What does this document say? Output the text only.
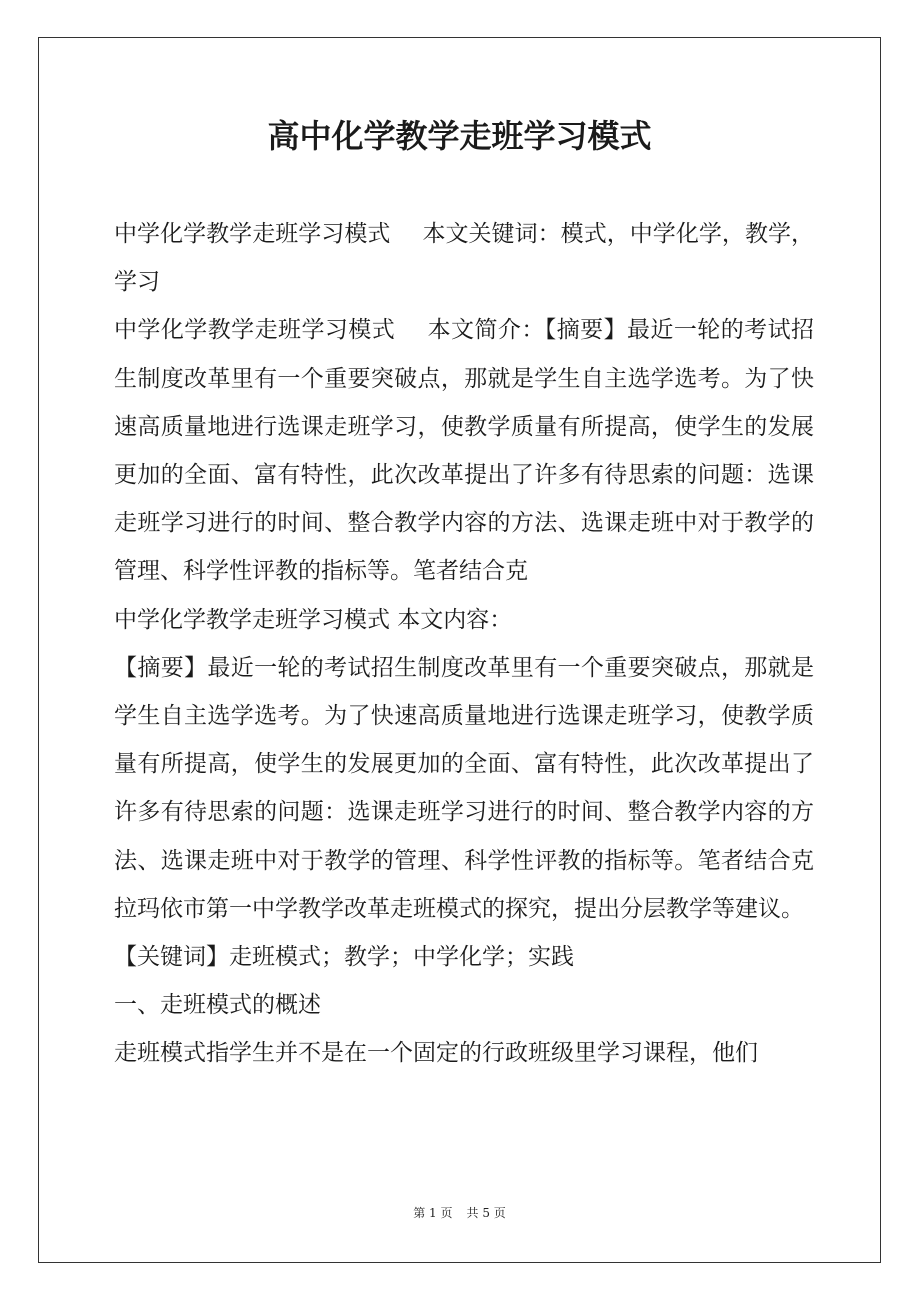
高中化学教学走班学习模式

中学化学教学走班学习模式 本文关键词：模式，中学化学，教学，学习

中学化学教学走班学习模式 本文简介：【摘要】最近一轮的考试招生制度改革里有一个重要突破点，那就是学生自主选学选考。为了快速高质量地进行选课走班学习，使教学质量有所提高，使学生的发展更加的全面、富有特性，此次改革提出了许多有待思索的问题：选课走班学习进行的时间、整合教学内容的方法、选课走班中对于教学的管理、科学性评教的指标等。笔者结合克

中学化学教学走班学习模式 本文内容：

【摘要】最近一轮的考试招生制度改革里有一个重要突破点，那就是学生自主选学选考。为了快速高质量地进行选课走班学习，使教学质量有所提高，使学生的发展更加的全面、富有特性，此次改革提出了许多有待思索的问题：选课走班学习进行的时间、整合教学内容的方法、选课走班中对于教学的管理、科学性评教的指标等。笔者结合克拉玛依市第一中学教学改革走班模式的探究，提出分层教学等建议。

【关键词】走班模式；教学；中学化学；实践

一、走班模式的概述

走班模式指学生并不是在一个固定的行政班级里学习课程，他们

第 1 页 共 5 页
